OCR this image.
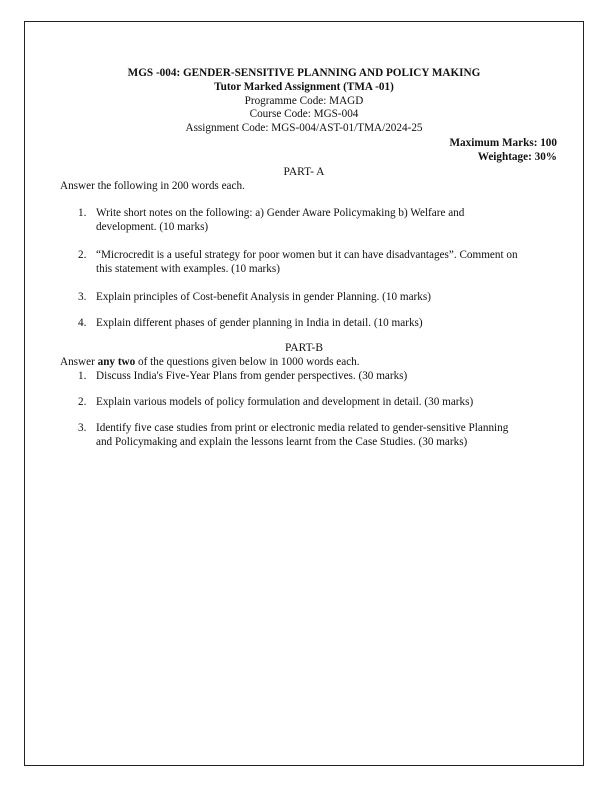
MGS -004: GENDER-SENSITIVE PLANNING AND POLICY MAKING
Tutor Marked Assignment (TMA -01)
Programme Code: MAGD
Course Code: MGS-004
Assignment Code: MGS-004/AST-01/TMA/2024-25
Maximum Marks: 100
Weightage: 30%
PART- A
Answer the following in 200 words each.
1. Write short notes on the following: a) Gender Aware Policymaking b) Welfare and
development. (10 marks)
2. “Microcredit is a useful strategy for poor women but it can have disadvantages”. Comment on
this statement with examples. (10 marks)
3. Explain principles of Cost-benefit Analysis in gender Planning. (10 marks)
4. Explain different phases of gender planning in India in detail. (10 marks)
PART-B
Answer any two of the questions given below in 1000 words each.
1. Discuss India's Five-Year Plans from gender perspectives. (30 marks)
2. Explain various models of policy formulation and development in detail. (30 marks)
3. Identify five case studies from print or electronic media related to gender-sensitive Planning
and Policymaking and explain the lessons learnt from the Case Studies. (30 marks)
